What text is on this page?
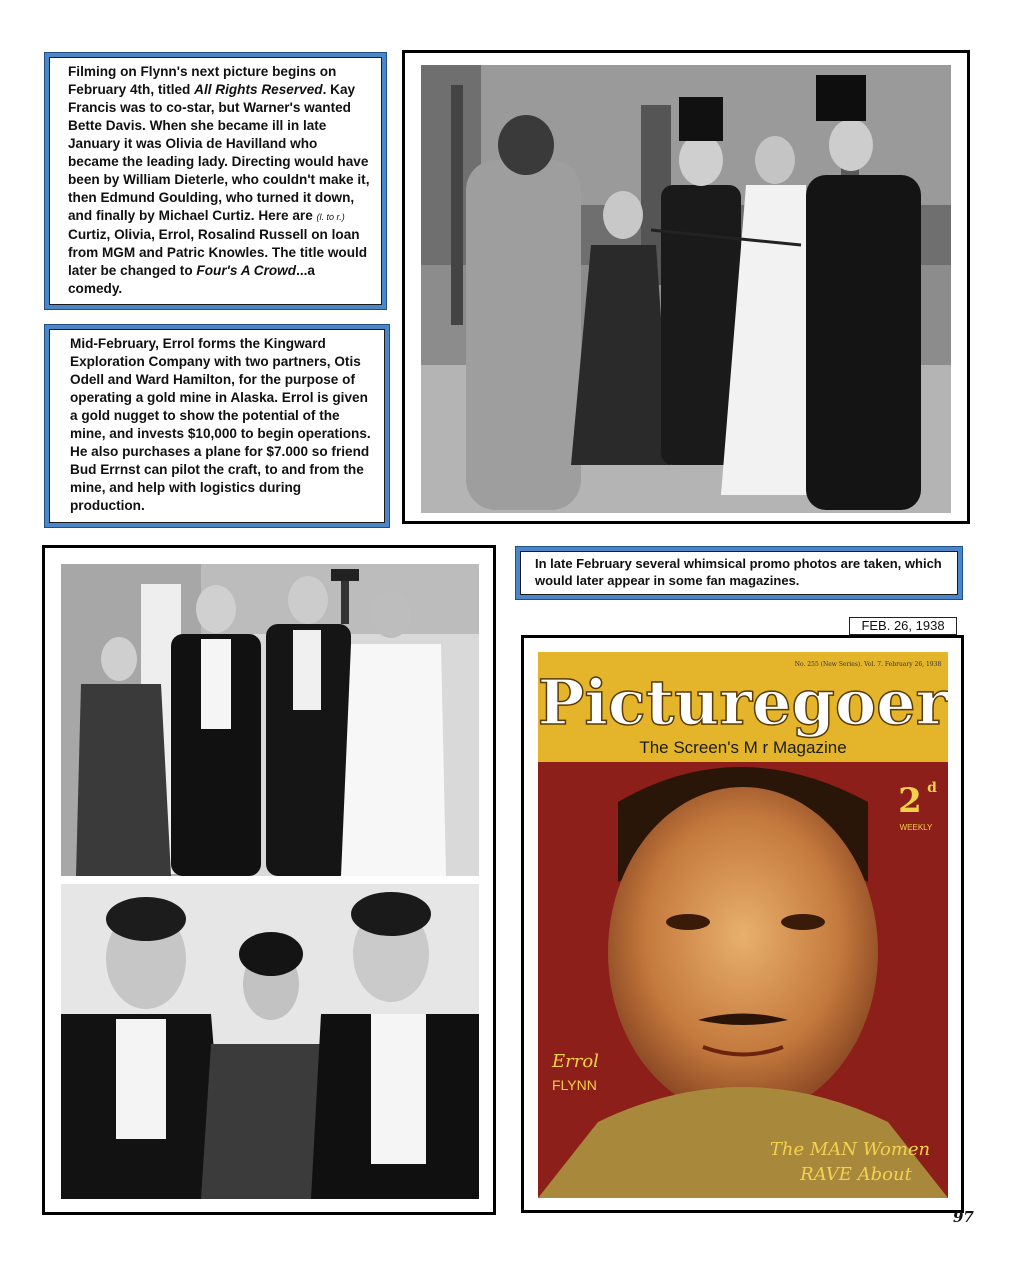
Filming on Flynn's next picture begins on February 4th, titled All Rights Reserved. Kay Francis was to co-star, but Warner's wanted Bette Davis. When she became ill in late January it was Olivia de Havilland who became the leading lady. Directing would have been by William Dieterle, who couldn't make it, then Edmund Goulding, who turned it down, and finally by Michael Curtiz. Here are (l. to r.) Curtiz, Olivia, Errol, Rosalind Russell on loan from MGM and Patric Knowles. The title would later be changed to Four's A Crowd...a comedy.
Mid-February, Errol forms the Kingward Exploration Company with two partners, Otis Odell and Ward Hamilton, for the purpose of operating a gold mine in Alaska. Errol is given a gold nugget to show the potential of the mine, and invests $10,000 to begin operations. He also purchases a plane for $7.000 so friend Bud Errnst can pilot the craft, to and from the mine, and help with logistics during production.
In late February several whimsical promo photos are taken, which would later appear in some fan magazines.
FEB. 26, 1938
No. 255 (New Series). Vol. 7. February 26, 1938
Picturegoer
The Screen's M r Magazine
2 d
WEEKLY
Errol
FLYNN
The MAN Women
RAVE About
97
